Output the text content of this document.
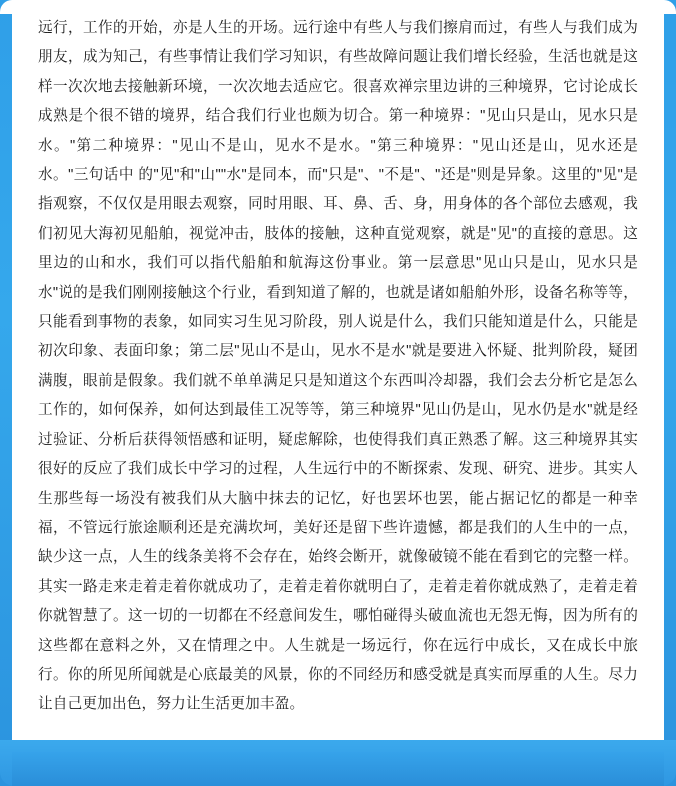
远行，工作的开始，亦是人生的开场。远行途中有些人与我们擦肩而过，有些人与我们成为朋友，成为知己，有些事情让我们学习知识，有些故障问题让我们增长经验，生活也就是这样一次次地去接触新环境，一次次地去适应它。很喜欢禅宗里边讲的三种境界，它讨论成长成熟是个很不错的境界，结合我们行业也颇为切合。第一种境界："见山只是山，见水只是水。"第二种境界："见山不是山，见水不是水。"第三种境界："见山还是山，见水还是水。"三句话中 的"见"和"山""水"是同本，而"只是"、"不是"、"还是"则是异象。这里的"见"是指观察，不仅仅是用眼去观察，同时用眼、耳、鼻、舌、身，用身体的各个部位去感观，我们初见大海初见船舶，视觉冲击，肢体的接触，这种直觉观察，就是"见"的直接的意思。这里边的山和水，我们可以指代船舶和航海这份事业。第一层意思"见山只是山，见水只是水"说的是我们刚刚接触这个行业，看到知道了解的，也就是诸如船舶外形，设备名称等等，只能看到事物的表象，如同实习生见习阶段，别人说是什么，我们只能知道是什么，只能是初次印象、表面印象；第二层"见山不是山，见水不是水"就是要进入怀疑、批判阶段，疑团满腹，眼前是假象。我们就不单单满足只是知道这个东西叫冷却器，我们会去分析它是怎么工作的，如何保养，如何达到最佳工况等等，第三种境界"见山仍是山，见水仍是水"就是经过验证、分析后获得领悟感和证明，疑虑解除，也使得我们真正熟悉了解。这三种境界其实很好的反应了我们成长中学习的过程，人生远行中的不断探索、发现、研究、进步。其实人生那些每一场没有被我们从大脑中抹去的记忆，好也罢坏也罢，能占据记忆的都是一种幸福，不管远行旅途顺利还是充满坎坷，美好还是留下些许遗憾，都是我们的人生中的一点，缺少这一点，人生的线条美将不会存在，始终会断开，就像破镜不能在看到它的完整一样。其实一路走来走着走着你就成功了，走着走着你就明白了，走着走着你就成熟了，走着走着你就智慧了。这一切的一切都在不经意间发生，哪怕碰得头破血流也无怨无悔，因为所有的这些都在意料之外，又在情理之中。人生就是一场远行，你在远行中成长，又在成长中旅行。你的所见所闻就是心底最美的风景，你的不同经历和感受就是真实而厚重的人生。尽力让自己更加出色，努力让生活更加丰盈。
